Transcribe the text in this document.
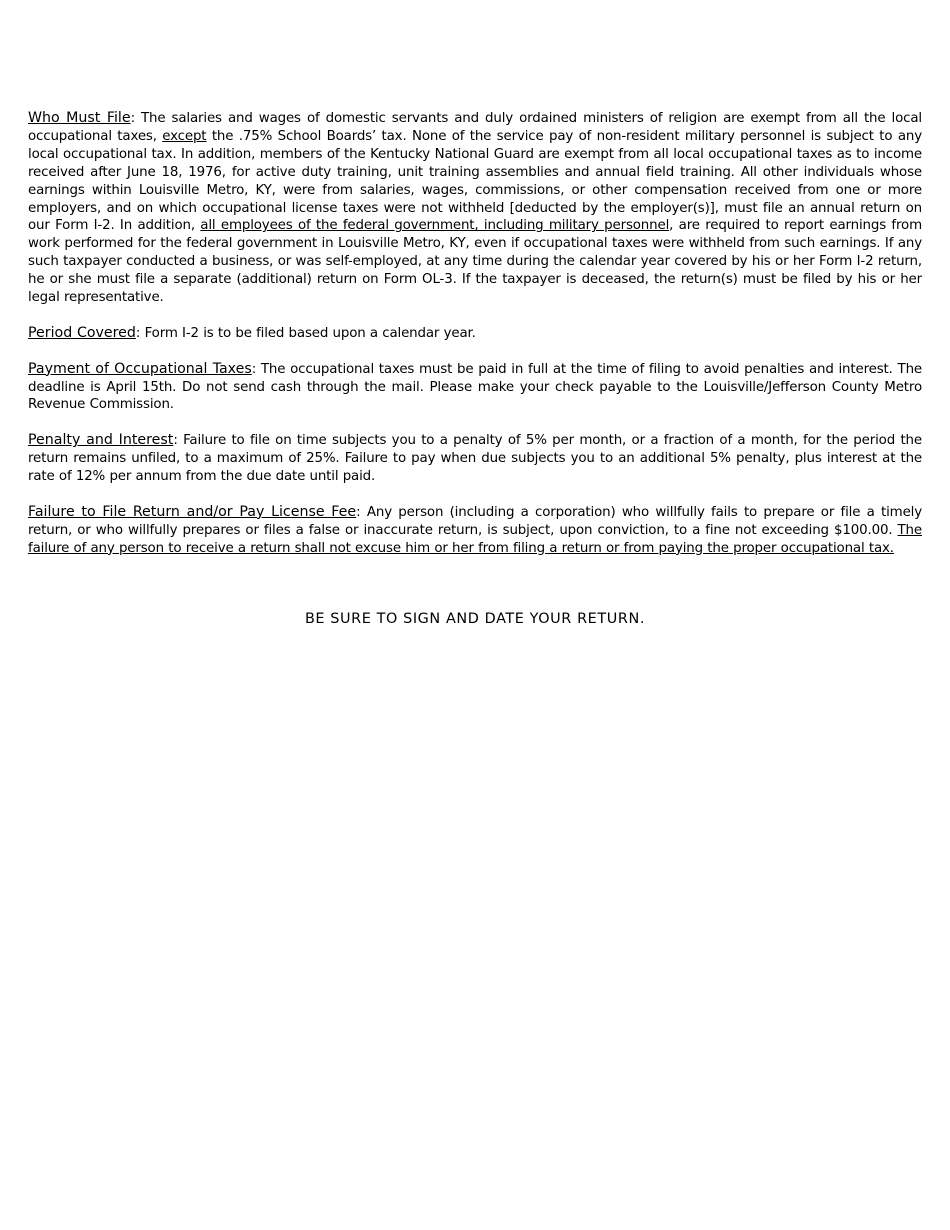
Who Must File: The salaries and wages of domestic servants and duly ordained ministers of religion are exempt from all the local occupational taxes, except the .75% School Boards’ tax. None of the service pay of non-resident military personnel is subject to any local occupational tax. In addition, members of the Kentucky National Guard are exempt from all local occupational taxes as to income received after June 18, 1976, for active duty training, unit training assemblies and annual field training. All other individuals whose earnings within Louisville Metro, KY, were from salaries, wages, commissions, or other compensation received from one or more employers, and on which occupational license taxes were not withheld [deducted by the employer(s)], must file an annual return on our Form I-2. In addition, all employees of the federal government, including military personnel, are required to report earnings from work performed for the federal government in Louisville Metro, KY, even if occupational taxes were withheld from such earnings. If any such taxpayer conducted a business, or was self-employed, at any time during the calendar year covered by his or her Form I-2 return, he or she must file a separate (additional) return on Form OL-3. If the taxpayer is deceased, the return(s) must be filed by his or her legal representative.

Period Covered: Form I-2 is to be filed based upon a calendar year.

Payment of Occupational Taxes: The occupational taxes must be paid in full at the time of filing to avoid penalties and interest. The deadline is April 15th. Do not send cash through the mail. Please make your check payable to the Louisville/Jefferson County Metro Revenue Commission.

Penalty and Interest: Failure to file on time subjects you to a penalty of 5% per month, or a fraction of a month, for the period the return remains unfiled, to a maximum of 25%. Failure to pay when due subjects you to an additional 5% penalty, plus interest at the rate of 12% per annum from the due date until paid.

Failure to File Return and/or Pay License Fee: Any person (including a corporation) who willfully fails to prepare or file a timely return, or who willfully prepares or files a false or inaccurate return, is subject, upon conviction, to a fine not exceeding $100.00. The failure of any person to receive a return shall not excuse him or her from filing a return or from paying the proper occupational tax.

BE SURE TO SIGN AND DATE YOUR RETURN.
